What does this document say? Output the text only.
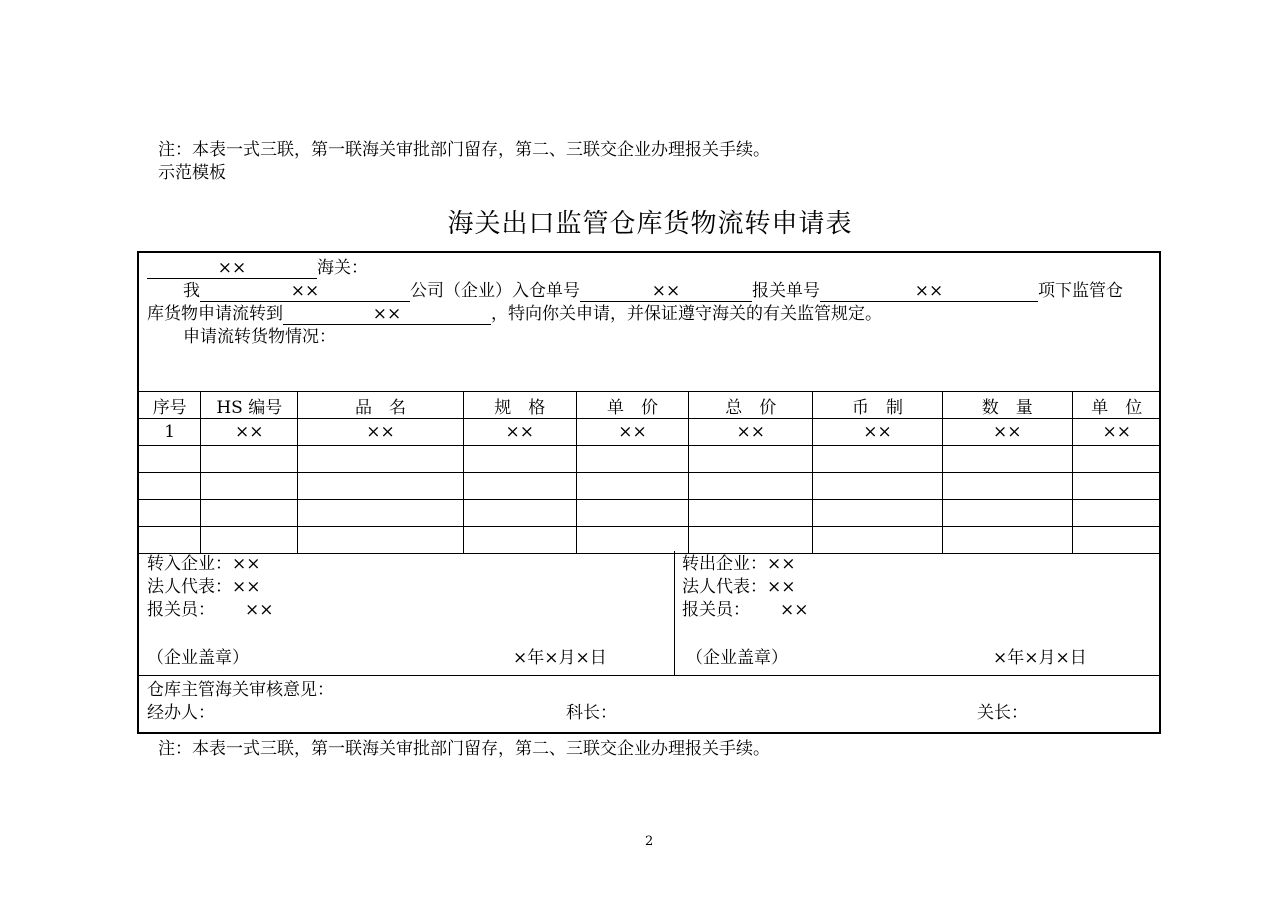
注：本表一式三联，第一联海关审批部门留存，第二、三联交企业办理报关手续。
示范模板
海关出口监管仓库货物流转申请表
××	海关：
我	××	公司（企业）入仓单号	××	报关单号	××	项下监管仓
库货物申请流转到	××	，特向你关申请，并保证遵守海关的有关监管规定。
申请流转货物情况：
序号	HS 编号	品　名	规　格	单　价	总　价	币　制	数　量	单　位
1	××	××	××	××	××	××	××	××

转入企业：××
法人代表：××
报关员： ××
（企业盖章）	×年×月×日
转出企业：××
法人代表：××
报关员： ××
（企业盖章）	×年×月×日
仓库主管海关审核意见：
经办人：	科长：	关长：
注：本表一式三联，第一联海关审批部门留存，第二、三联交企业办理报关手续。
2
